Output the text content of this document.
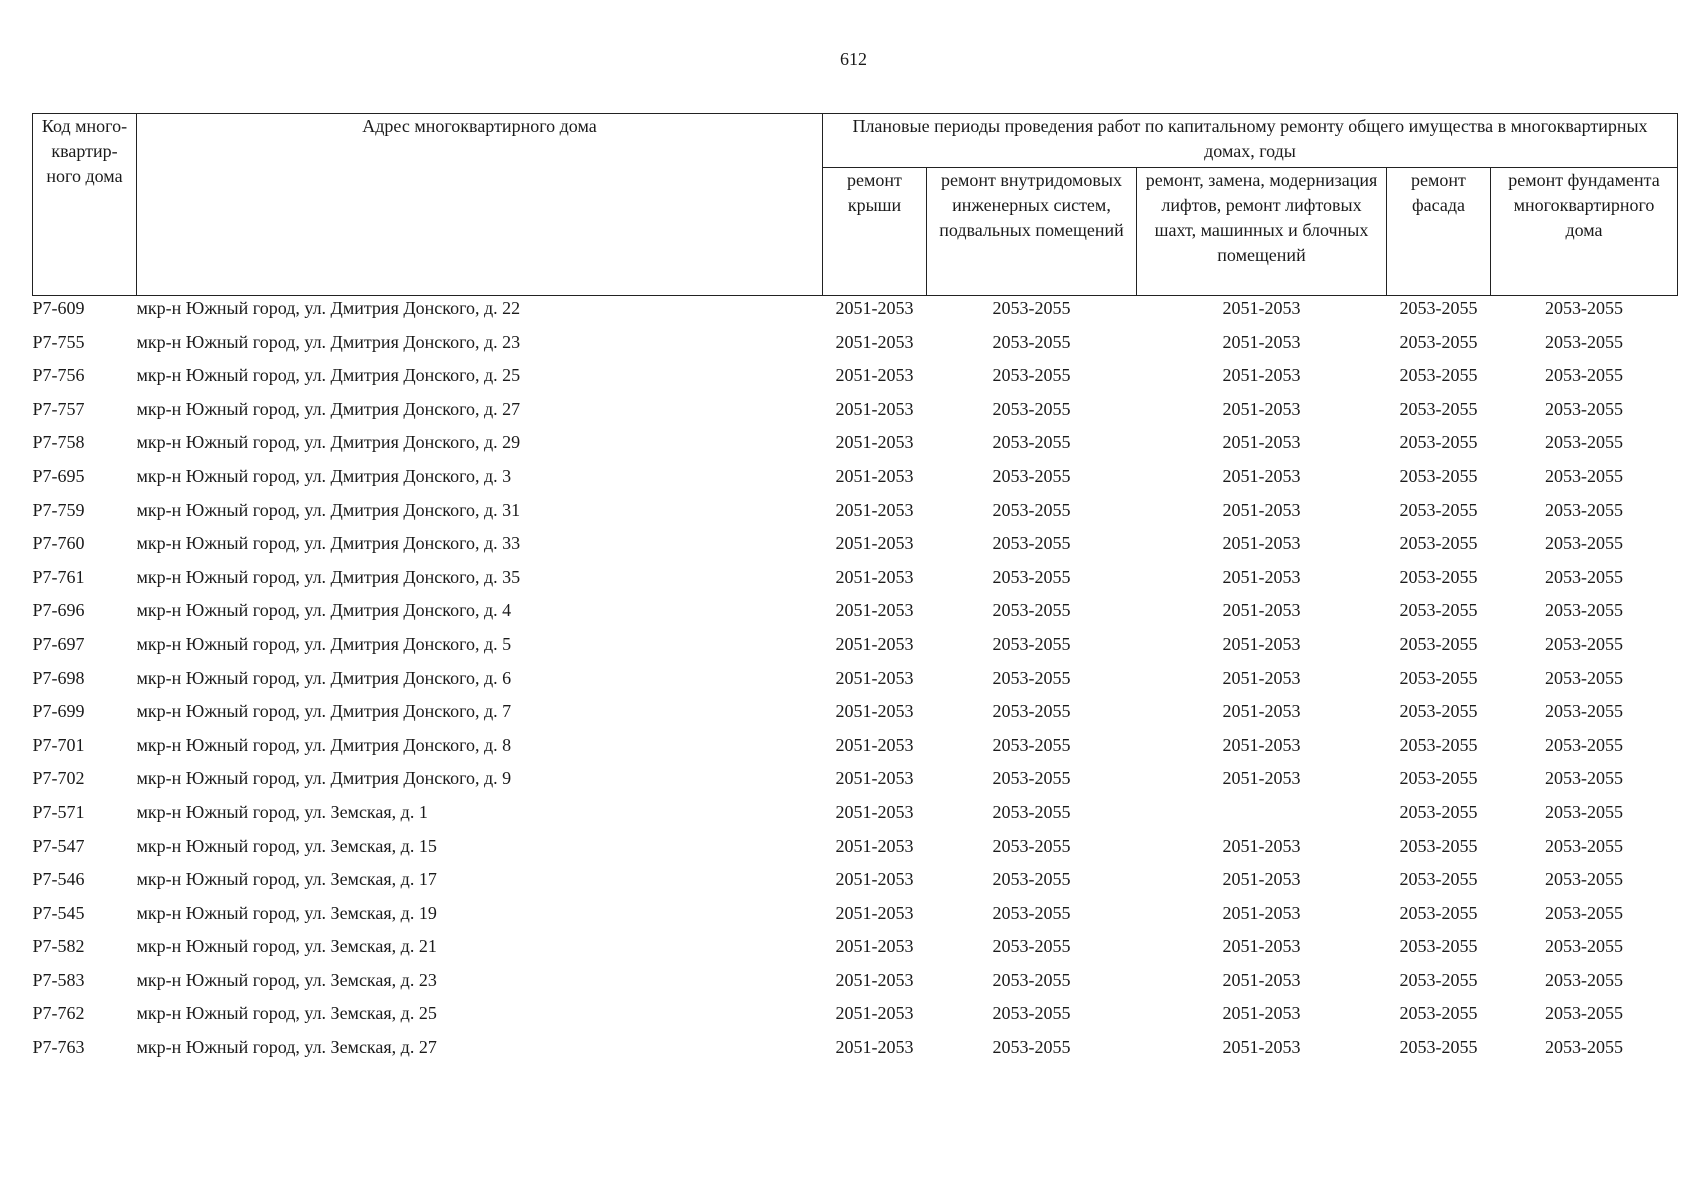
612
Код много-квартир-ного дома	Адрес многоквартирного дома	Плановые периоды проведения работ по капитальному ремонту общего имущества в многоквартирных домах, годы				
		ремонт крыши	ремонт внутридомовых инженерных систем, подвальных помещений	ремонт, замена, модернизация лифтов, ремонт лифтовых шахт, машинных и блочных помещений	ремонт фасада	ремонт фундамента многоквартирного дома
Р7-609	мкр-н Южный город, ул. Дмитрия Донского, д. 22	2051-2053	2053-2055	2051-2053	2053-2055	2053-2055
Р7-755	мкр-н Южный город, ул. Дмитрия Донского, д. 23	2051-2053	2053-2055	2051-2053	2053-2055	2053-2055
Р7-756	мкр-н Южный город, ул. Дмитрия Донского, д. 25	2051-2053	2053-2055	2051-2053	2053-2055	2053-2055
Р7-757	мкр-н Южный город, ул. Дмитрия Донского, д. 27	2051-2053	2053-2055	2051-2053	2053-2055	2053-2055
Р7-758	мкр-н Южный город, ул. Дмитрия Донского, д. 29	2051-2053	2053-2055	2051-2053	2053-2055	2053-2055
Р7-695	мкр-н Южный город, ул. Дмитрия Донского, д. 3	2051-2053	2053-2055	2051-2053	2053-2055	2053-2055
Р7-759	мкр-н Южный город, ул. Дмитрия Донского, д. 31	2051-2053	2053-2055	2051-2053	2053-2055	2053-2055
Р7-760	мкр-н Южный город, ул. Дмитрия Донского, д. 33	2051-2053	2053-2055	2051-2053	2053-2055	2053-2055
Р7-761	мкр-н Южный город, ул. Дмитрия Донского, д. 35	2051-2053	2053-2055	2051-2053	2053-2055	2053-2055
Р7-696	мкр-н Южный город, ул. Дмитрия Донского, д. 4	2051-2053	2053-2055	2051-2053	2053-2055	2053-2055
Р7-697	мкр-н Южный город, ул. Дмитрия Донского, д. 5	2051-2053	2053-2055	2051-2053	2053-2055	2053-2055
Р7-698	мкр-н Южный город, ул. Дмитрия Донского, д. 6	2051-2053	2053-2055	2051-2053	2053-2055	2053-2055
Р7-699	мкр-н Южный город, ул. Дмитрия Донского, д. 7	2051-2053	2053-2055	2051-2053	2053-2055	2053-2055
Р7-701	мкр-н Южный город, ул. Дмитрия Донского, д. 8	2051-2053	2053-2055	2051-2053	2053-2055	2053-2055
Р7-702	мкр-н Южный город, ул. Дмитрия Донского, д. 9	2051-2053	2053-2055	2051-2053	2053-2055	2053-2055
Р7-571	мкр-н Южный город, ул. Земская, д. 1	2051-2053	2053-2055		2053-2055	2053-2055
Р7-547	мкр-н Южный город, ул. Земская, д. 15	2051-2053	2053-2055	2051-2053	2053-2055	2053-2055
Р7-546	мкр-н Южный город, ул. Земская, д. 17	2051-2053	2053-2055	2051-2053	2053-2055	2053-2055
Р7-545	мкр-н Южный город, ул. Земская, д. 19	2051-2053	2053-2055	2051-2053	2053-2055	2053-2055
Р7-582	мкр-н Южный город, ул. Земская, д. 21	2051-2053	2053-2055	2051-2053	2053-2055	2053-2055
Р7-583	мкр-н Южный город, ул. Земская, д. 23	2051-2053	2053-2055	2051-2053	2053-2055	2053-2055
Р7-762	мкр-н Южный город, ул. Земская, д. 25	2051-2053	2053-2055	2051-2053	2053-2055	2053-2055
Р7-763	мкр-н Южный город, ул. Земская, д. 27	2051-2053	2053-2055	2051-2053	2053-2055	2053-2055
